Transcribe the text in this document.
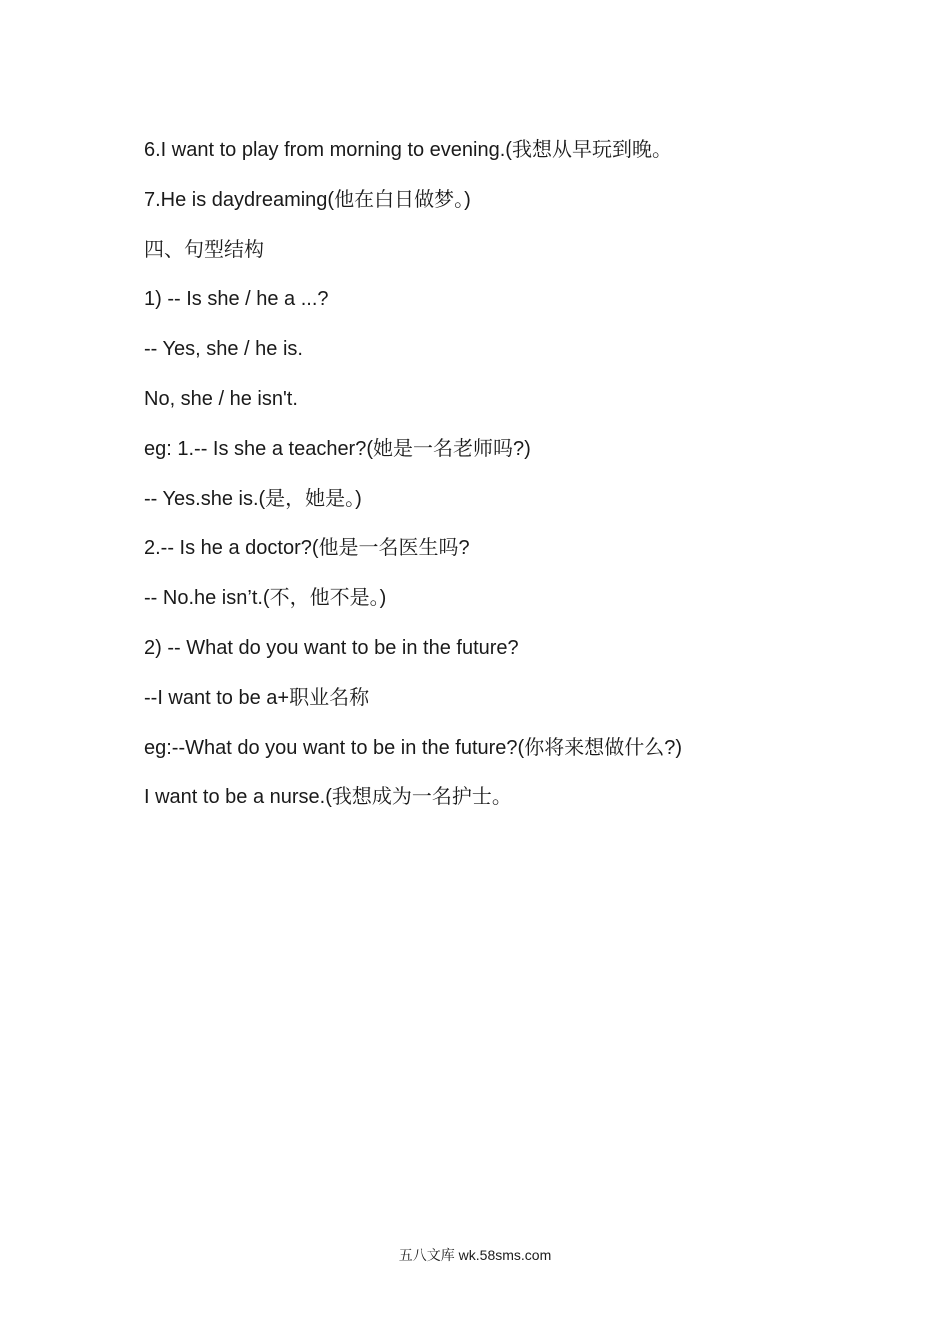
6.I want to play from morning to evening.(我想从早玩到晚。
7.He is daydreaming(他在白日做梦。)
四、句型结构
1) -- Is she / he a ...?
-- Yes, she / he is.
No, she / he isn't.
eg: 1.-- Is she a teacher?(她是一名老师吗?)
-- Yes.she is.(是，她是。)
2.-- Is he a doctor?(他是一名医生吗?
-- No.he isn’t.(不，他不是。)
2) -- What do you want to be in the future?
--I want to be a+职业名称
eg:--What do you want to be in the future?(你将来想做什么?)
I want to be a nurse.(我想成为一名护士。
五八文库 wk.58sms.com
